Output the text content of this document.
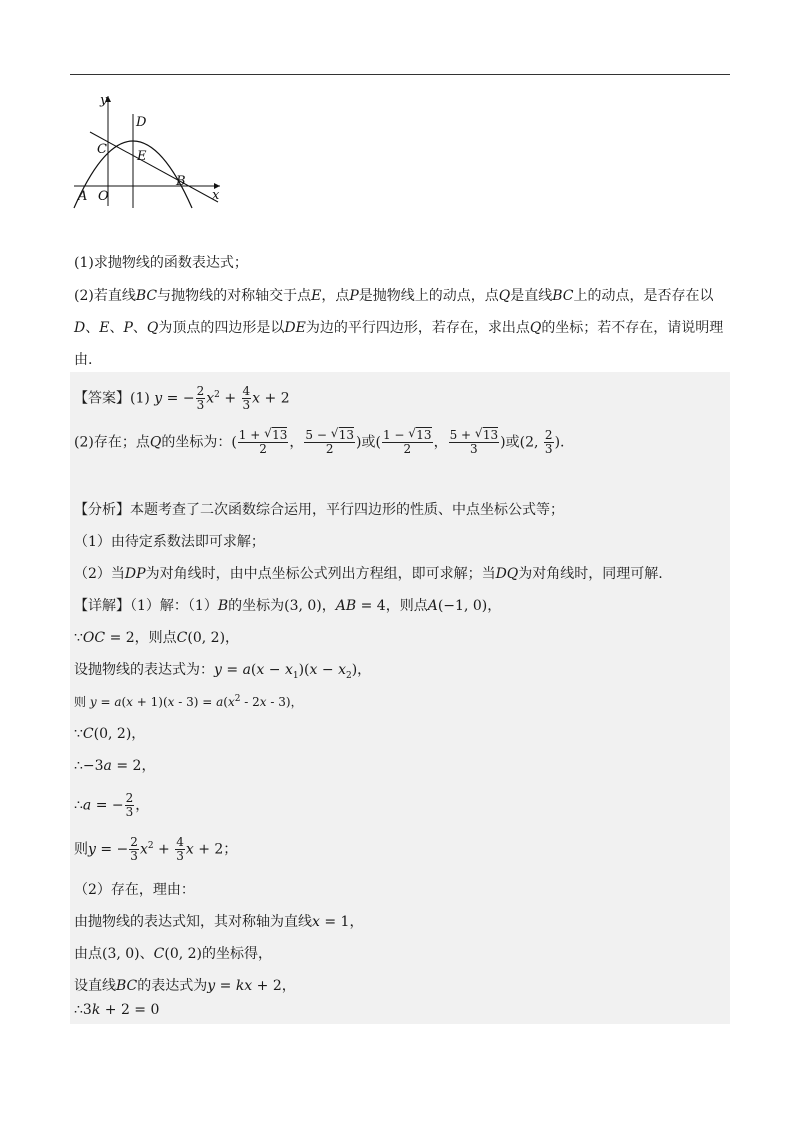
y
x
D
C E
B
A O
(1)求抛物线的函数表达式；
(2)若直线BC与抛物线的对称轴交于点E，点P是抛物线上的动点，点Q是直线BC上的动点，是否存在以
D、E、P、Q为顶点的四边形是以DE为边的平行四边形，若存在，求出点Q的坐标；若不存在，请说明理
由.
【答案】(1) y = − $\frac{2}{3} x^2 + \frac{4}{3}$ x + 2
(2)存在；点Q的坐标为：( $\frac{1 + √ 13}{2}$ ， $\frac{5 - √ 13}{2}$ )或( $\frac{1 - √ 13}{2}$ ， $\frac{5 + √ 13}{3}$ )或(2, $\frac{2}{3}$ ).
【分析】本题考查了二次函数综合运用，平行四边形的性质、中点坐标公式等；
（1）由待定系数法即可求解；
（2）当DP为对角线时，由中点坐标公式列出方程组，即可求解；当DQ为对角线时，同理可解.
【详解】（1）解：（1）B的坐标为(3, 0)，AB = 4，则点A(−1, 0)，
∵OC = 2，则点C(0, 2)，
设抛物线的表达式为：$y = a(x - x_1)(x - x_2)$，
则 $y = a(x + 1)(x - 3) = a(x^2 - 2x - 3)$，
∵C(0, 2)，
∴−3a = 2，
∴a = − $\frac{2}{3}$ ，
则y = − $\frac{2}{3} x^2 + \frac{4}{3}$ x + 2；
（2）存在，理由：
由抛物线的表达式知，其对称轴为直线x = 1，
由点(3, 0)、C(0, 2)的坐标得，
设直线BC的表达式为y = kx + 2，
∴3k + 2 = 0
